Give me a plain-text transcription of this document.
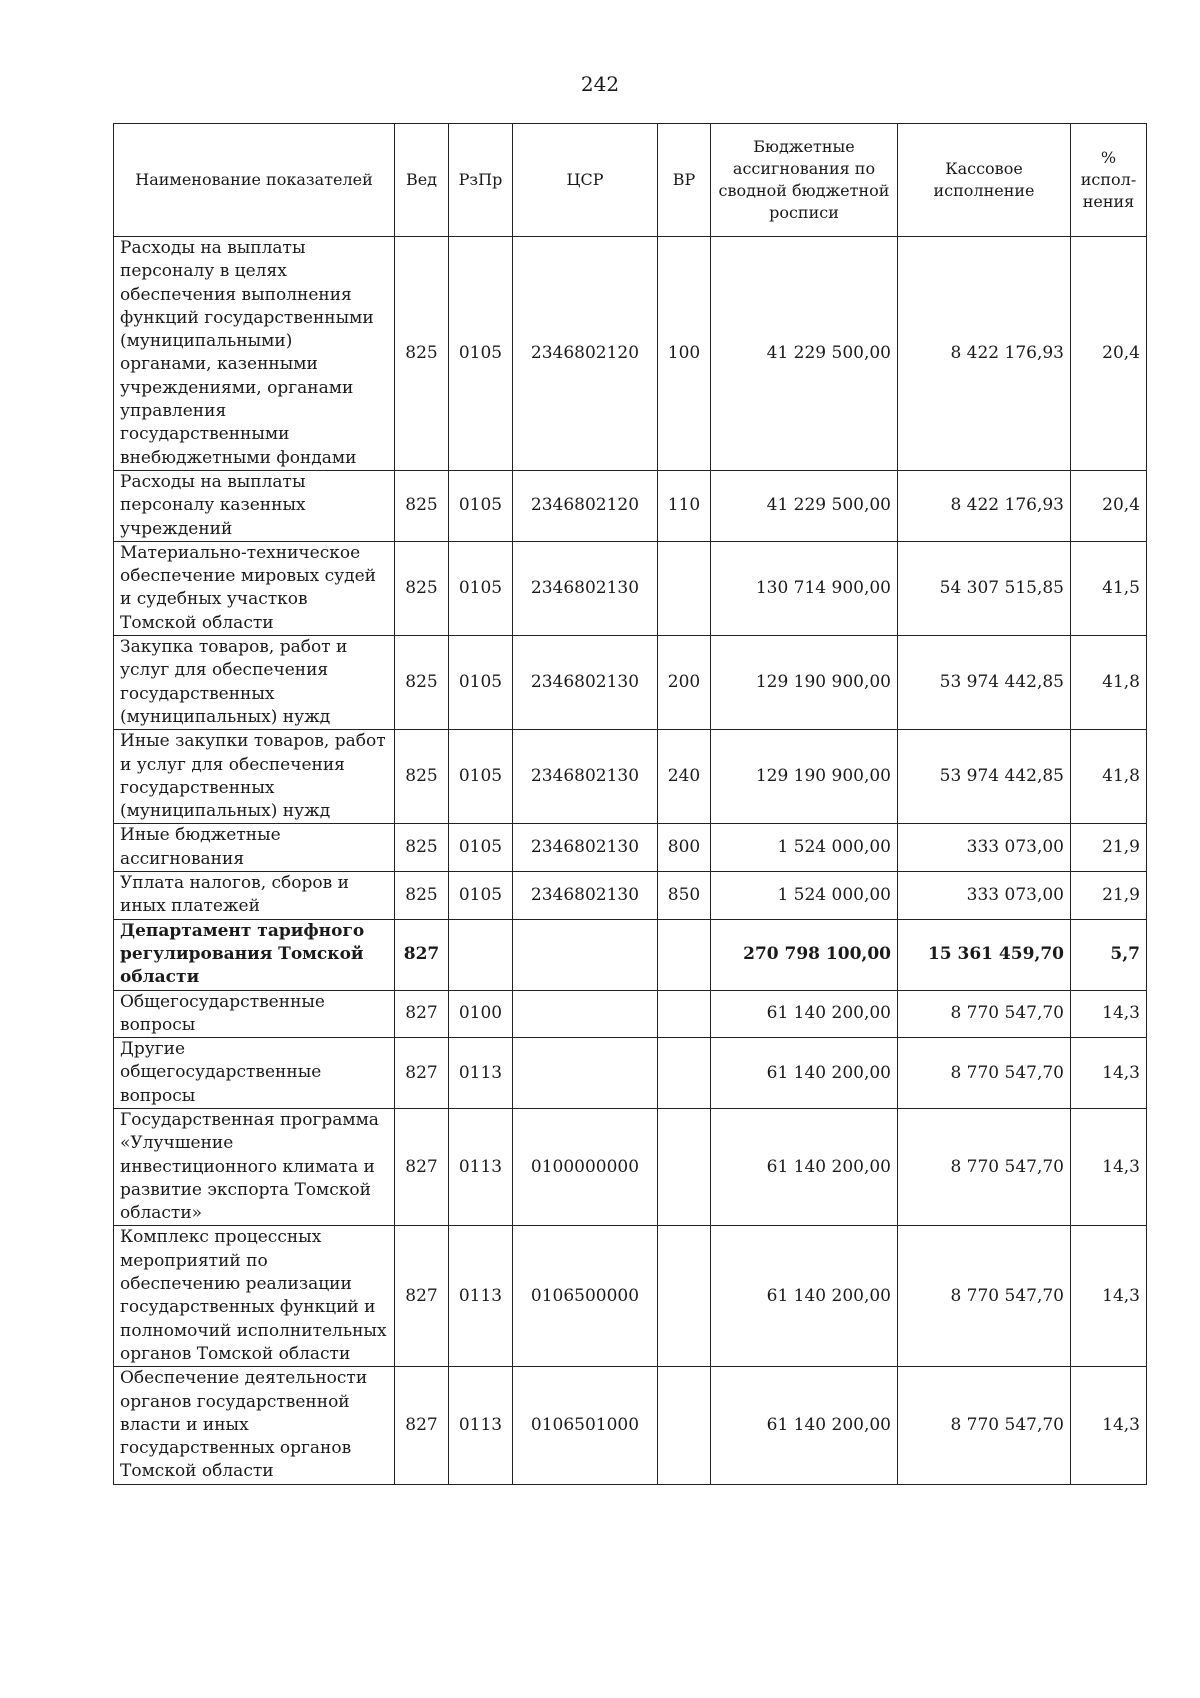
242
Наименование показателей	Вед	РзПр	ЦСР	ВР	Бюджетные ассигнования по сводной бюджетной росписи	Кассовое исполнение	% испол-нения
Расходы на выплаты персоналу в целях обеспечения выполнения функций государственными (муниципальными) органами, казенными учреждениями, органами управления государственными внебюджетными фондами	825	0105	2346802120	100	41 229 500,00	8 422 176,93	20,4
Расходы на выплаты персоналу казенных учреждений	825	0105	2346802120	110	41 229 500,00	8 422 176,93	20,4
Материально-техническое обеспечение мировых судей и судебных участков Томской области	825	0105	2346802130		130 714 900,00	54 307 515,85	41,5
Закупка товаров, работ и услуг для обеспечения государственных (муниципальных) нужд	825	0105	2346802130	200	129 190 900,00	53 974 442,85	41,8
Иные закупки товаров, работ и услуг для обеспечения государственных (муниципальных) нужд	825	0105	2346802130	240	129 190 900,00	53 974 442,85	41,8
Иные бюджетные ассигнования	825	0105	2346802130	800	1 524 000,00	333 073,00	21,9
Уплата налогов, сборов и иных платежей	825	0105	2346802130	850	1 524 000,00	333 073,00	21,9
Департамент тарифного регулирования Томской области	827				270 798 100,00	15 361 459,70	5,7
Общегосударственные вопросы	827	0100			61 140 200,00	8 770 547,70	14,3
Другие общегосударственные вопросы	827	0113			61 140 200,00	8 770 547,70	14,3
Государственная программа «Улучшение инвестиционного климата и развитие экспорта Томской области»	827	0113	0100000000		61 140 200,00	8 770 547,70	14,3
Комплекс процессных мероприятий по обеспечению реализации государственных функций и полномочий исполнительных органов Томской области	827	0113	0106500000		61 140 200,00	8 770 547,70	14,3
Обеспечение деятельности органов государственной власти и иных государственных органов Томской области	827	0113	0106501000		61 140 200,00	8 770 547,70	14,3
